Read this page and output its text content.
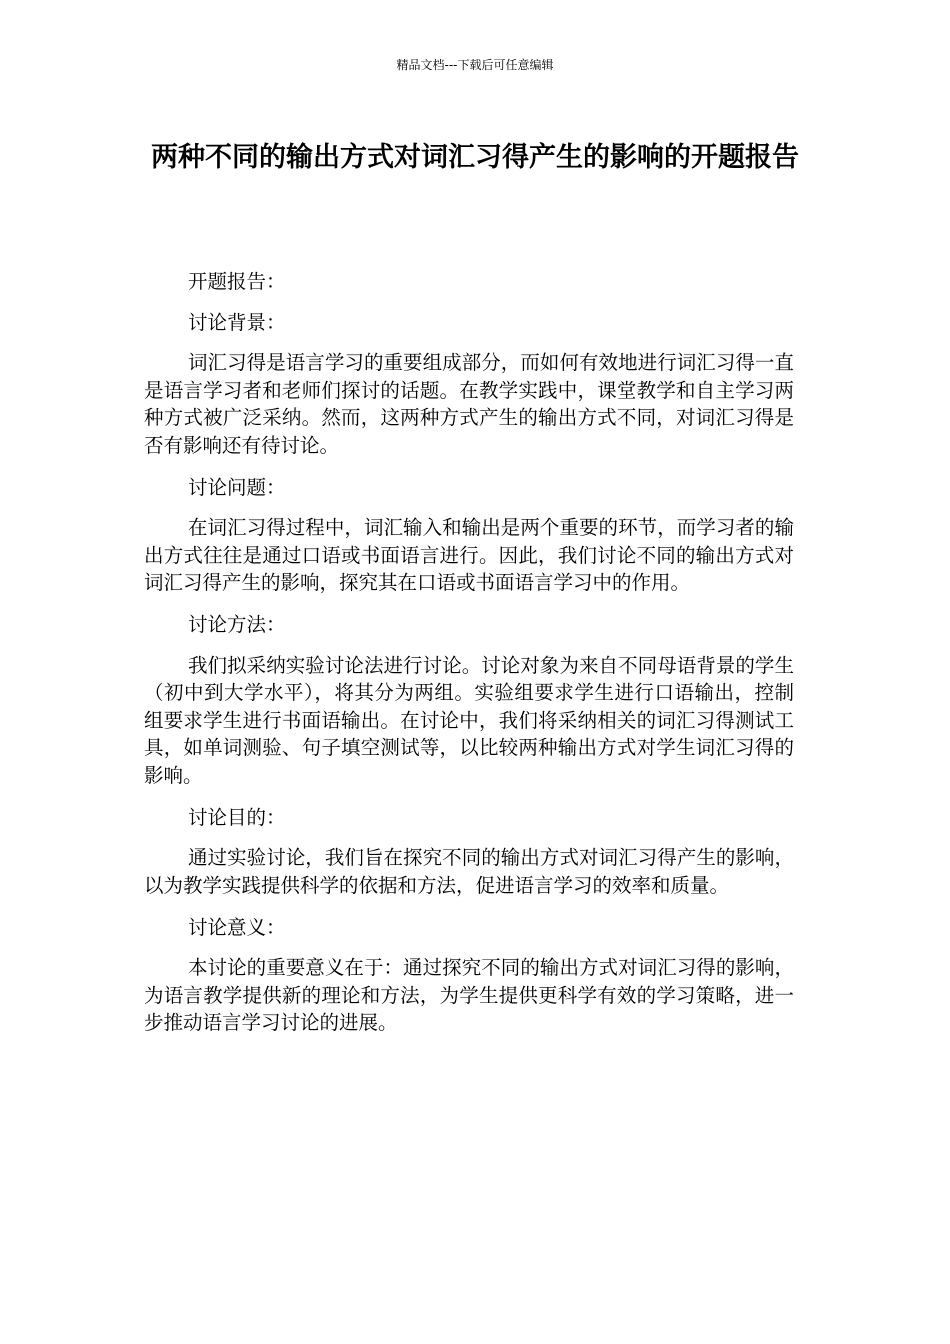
精品文档---下载后可任意编辑
两种不同的输出方式对词汇习得产生的影响的开题报告

开题报告：

讨论背景：

词汇习得是语言学习的重要组成部分，而如何有效地进行词汇习得一直是语言学习者和老师们探讨的话题。在教学实践中，课堂教学和自主学习两种方式被广泛采纳。然而，这两种方式产生的输出方式不同，对词汇习得是否有影响还有待讨论。

讨论问题：

在词汇习得过程中，词汇输入和输出是两个重要的环节，而学习者的输出方式往往是通过口语或书面语言进行。因此，我们讨论不同的输出方式对词汇习得产生的影响，探究其在口语或书面语言学习中的作用。

讨论方法：

我们拟采纳实验讨论法进行讨论。讨论对象为来自不同母语背景的学生（初中到大学水平），将其分为两组。实验组要求学生进行口语输出，控制组要求学生进行书面语输出。在讨论中，我们将采纳相关的词汇习得测试工具，如单词测验、句子填空测试等，以比较两种输出方式对学生词汇习得的影响。

讨论目的：

通过实验讨论，我们旨在探究不同的输出方式对词汇习得产生的影响，以为教学实践提供科学的依据和方法，促进语言学习的效率和质量。

讨论意义：

本讨论的重要意义在于：通过探究不同的输出方式对词汇习得的影响，为语言教学提供新的理论和方法，为学生提供更科学有效的学习策略，进一步推动语言学习讨论的进展。
